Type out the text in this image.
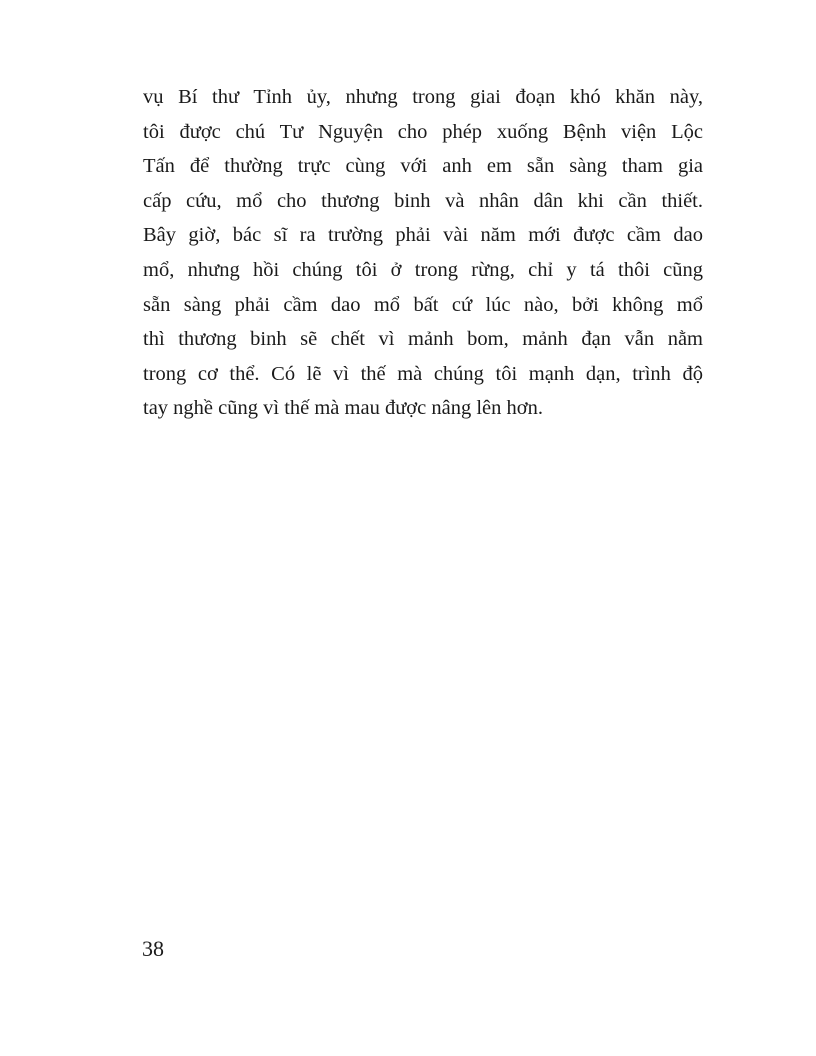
vụ Bí thư Tỉnh ủy, nhưng trong giai đoạn khó khăn này,
tôi được chú Tư Nguyện cho phép xuống Bệnh viện Lộc
Tấn để thường trực cùng với anh em sẵn sàng tham gia
cấp cứu, mổ cho thương binh và nhân dân khi cần thiết.
Bây giờ, bác sĩ ra trường phải vài năm mới được cầm dao
mổ, nhưng hồi chúng tôi ở trong rừng, chỉ y tá thôi cũng
sẵn sàng phải cầm dao mổ bất cứ lúc nào, bởi không mổ
thì thương binh sẽ chết vì mảnh bom, mảnh đạn vẫn nằm
trong cơ thể. Có lẽ vì thế mà chúng tôi mạnh dạn, trình độ
tay nghề cũng vì thế mà mau được nâng lên hơn.
38
